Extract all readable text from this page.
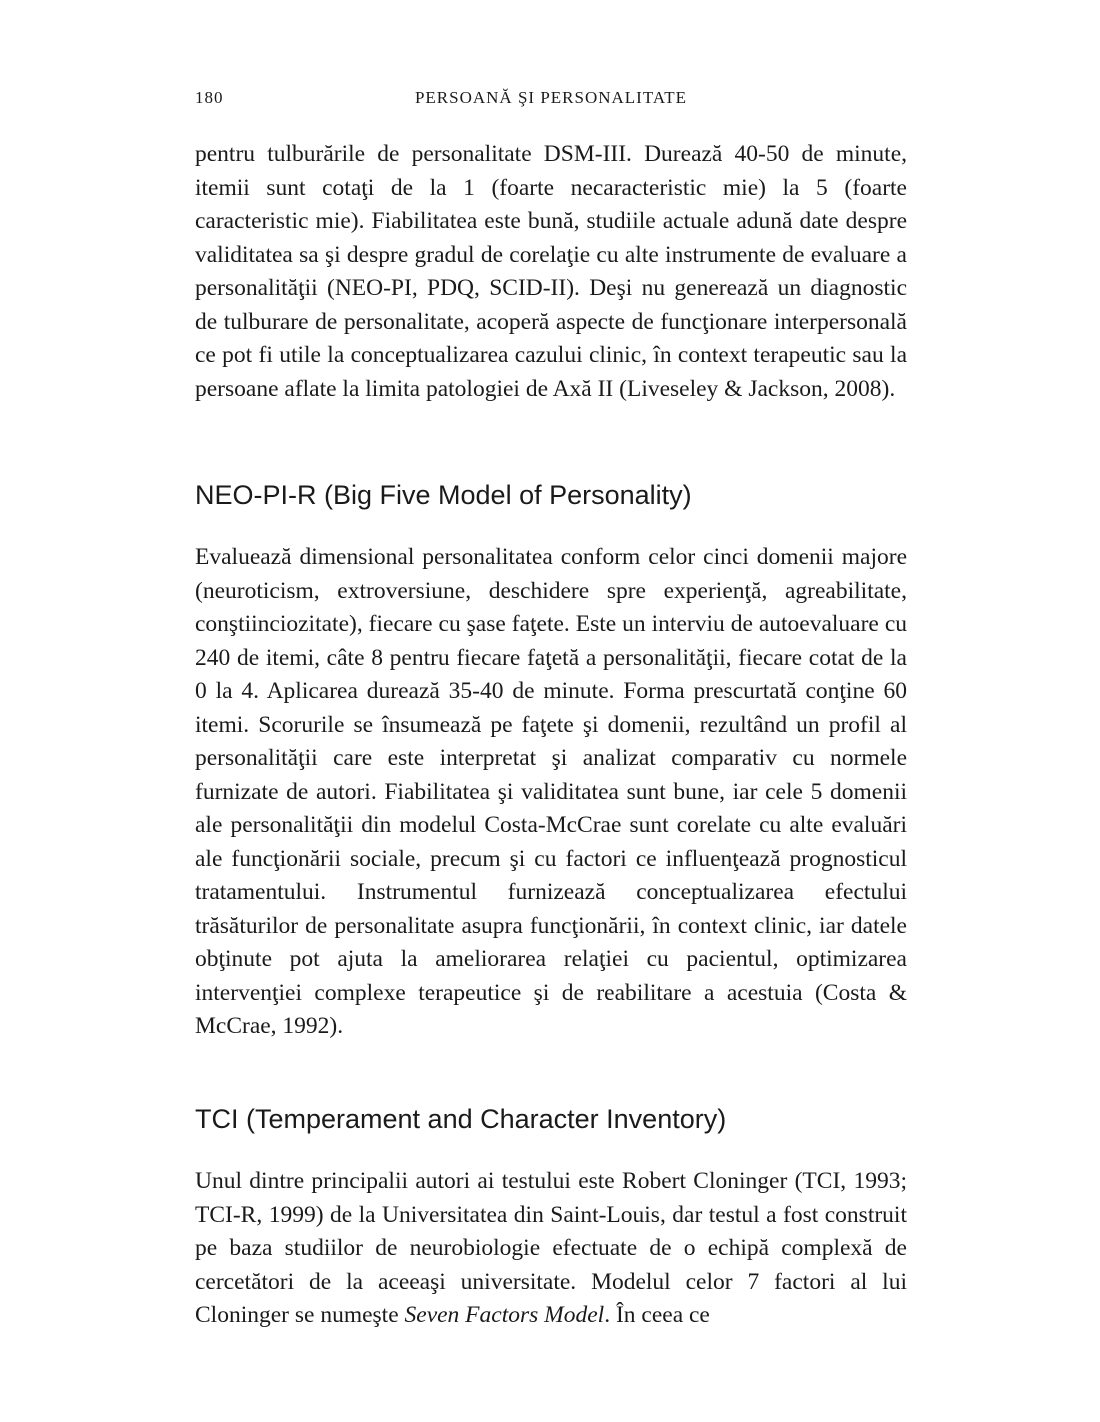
180	PERSOANĂ ŞI PERSONALITATE

pentru tulburările de personalitate DSM-III. Durează 40-50 de minute, itemii sunt cotaţi de la 1 (foarte necaracteristic mie) la 5 (foarte caracteristic mie). Fiabilitatea este bună, studiile actuale adună date despre validitatea sa şi despre gradul de corelaţie cu alte instrumente de evaluare a personalităţii (NEO-PI, PDQ, SCID-II). Deşi nu generează un diagnostic de tulburare de personalitate, acoperă aspecte de funcţionare interpersonală ce pot fi utile la conceptualizarea cazului clinic, în context terapeutic sau la persoane aflate la limita patologiei de Axă II (Liveseley & Jackson, 2008).

NEO-PI-R (Big Five Model of Personality)

Evaluează dimensional personalitatea conform celor cinci domenii majore (neuroticism, extroversiune, deschidere spre experienţă, agreabilitate, conştiinciozitate), fiecare cu şase faţete. Este un interviu de autoevaluare cu 240 de itemi, câte 8 pentru fiecare faţetă a personalităţii, fiecare cotat de la 0 la 4. Aplicarea durează 35-40 de minute. Forma prescurtată conţine 60 itemi. Scorurile se însumează pe faţete şi domenii, rezultând un profil al personalităţii care este interpretat şi analizat comparativ cu normele furnizate de autori. Fiabilitatea şi validitatea sunt bune, iar cele 5 domenii ale personalităţii din modelul Costa-McCrae sunt corelate cu alte evaluări ale funcţionării sociale, precum şi cu factori ce influenţează prognosticul tratamentului. Instrumentul furnizează conceptualizarea efectului trăsăturilor de personalitate asupra funcţionării, în context clinic, iar datele obţinute pot ajuta la ameliorarea relaţiei cu pacientul, optimizarea intervenţiei complexe terapeutice şi de reabilitare a acestuia (Costa & McCrae, 1992).

TCI (Temperament and Character Inventory)

Unul dintre principalii autori ai testului este Robert Cloninger (TCI, 1993; TCI-R, 1999) de la Universitatea din Saint-Louis, dar testul a fost construit pe baza studiilor de neurobiologie efectuate de o echipă complexă de cercetători de la aceeaşi universitate. Modelul celor 7 factori al lui Cloninger se numeşte Seven Factors Model. În ceea ce
